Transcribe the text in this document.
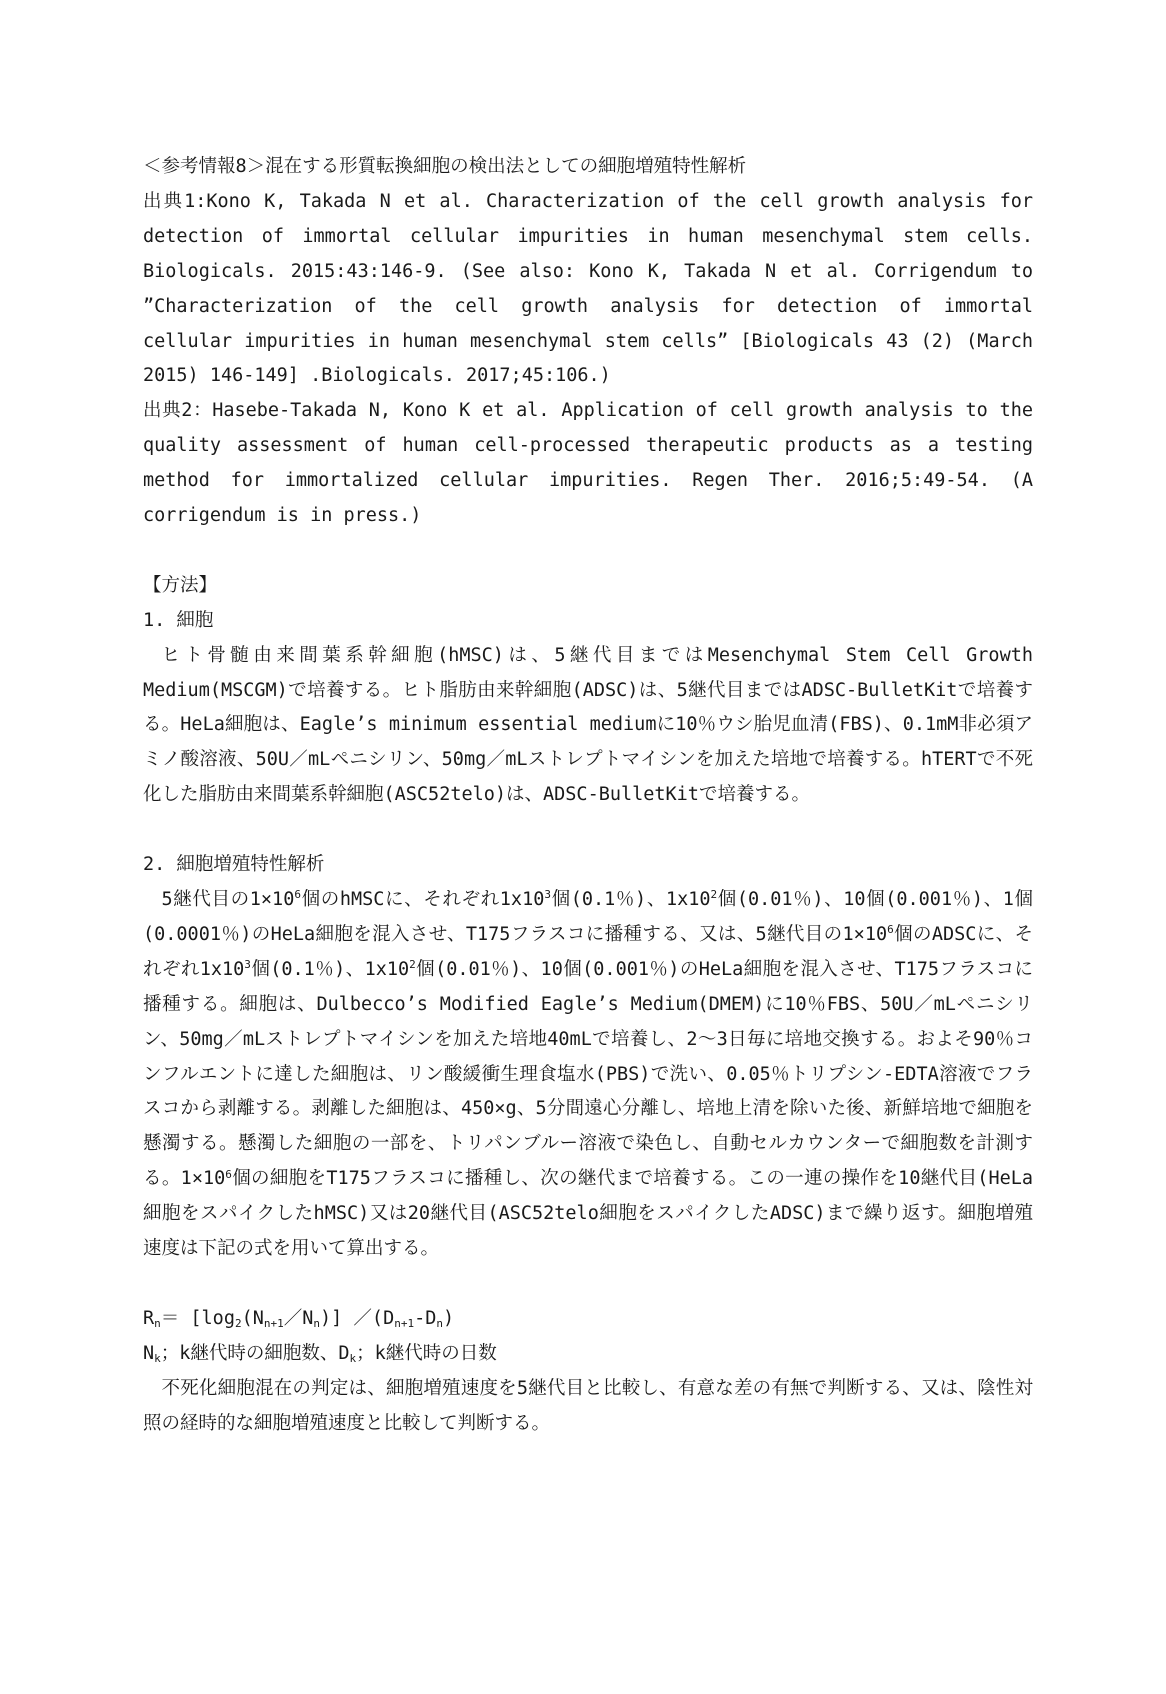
＜参考情報8＞混在する形質転換細胞の検出法としての細胞増殖特性解析
出典1:Kono K, Takada N et al. Characterization of the cell growth analysis for detection of immortal cellular impurities in human mesenchymal stem cells. Biologicals. 2015:43:146-9. (See also: Kono K, Takada N et al. Corrigendum to ”Characterization of the cell growth analysis for detection of immortal cellular impurities in human mesenchymal stem cells” [Biologicals 43 (2) (March 2015) 146-149] .Biologicals. 2017;45:106.)
出典2：Hasebe-Takada N, Kono K et al. Application of cell growth analysis to the quality assessment of human cell-processed therapeutic products as a testing method for immortalized cellular impurities. Regen Ther. 2016;5:49-54. (A corrigendum is in press.)
【方法】
1. 細胞
ヒト骨髄由来間葉系幹細胞(hMSC)は、5継代目まではMesenchymal Stem Cell Growth Medium(MSCGM)で培養する。ヒト脂肪由来幹細胞(ADSC)は、5継代目まではADSC-BulletKitで培養する。HeLa細胞は、Eagle’s minimum essential mediumに10％ウシ胎児血清(FBS)、0.1mM非必須アミノ酸溶液、50U／mLペニシリン、50mg／mLストレプトマイシンを加えた培地で培養する。hTERTで不死化した脂肪由来間葉系幹細胞(ASC52telo)は、ADSC-BulletKitで培養する。
2. 細胞増殖特性解析
5継代目の$1\times 10^6$個のhMSCに、それぞれ$1x10^3$個(0.1％)、$1x10^2$個(0.01％)、10個(0.001％)、1個(0.0001％)のHeLa細胞を混入させ、T175フラスコに播種する、又は、5継代目の$1\times 10^6$個のADSCに、それぞれ$1x10^3$個(0.1％)、$1x10^2$個(0.01％)、10個(0.001％)のHeLa細胞を混入させ、T175フラスコに播種する。細胞は、Dulbecco’s Modified Eagle’s Medium(DMEM)に10％FBS、50U／mLペニシリン、50mg／mLストレプトマイシンを加えた培地40mLで培養し、2～3日毎に培地交換する。およそ90％コンフルエントに達した細胞は、リン酸緩衝生理食塩水(PBS)で洗い、0.05％トリプシン-EDTA溶液でフラスコから剥離する。剥離した細胞は、450×g、5分間遠心分離し、培地上清を除いた後、新鮮培地で細胞を懸濁する。懸濁した細胞の一部を、トリパンブルー溶液で染色し、自動セルカウンターで細胞数を計測する。$1\times 10^6$個の細胞をT175フラスコに播種し、次の継代まで培養する。この一連の操作を10継代目(HeLa細胞をスパイクしたhMSC)又は20継代目(ASC52telo細胞をスパイクしたADSC)まで繰り返す。細胞増殖速度は下記の式を用いて算出する。
$R_n=$ $[\log_2(N_{n+1}/N_n)]$ $/(D_{n+1}-D_n)$
$N_k$；k継代時の細胞数、$D_k$；k継代時の日数
不死化細胞混在の判定は、細胞増殖速度を5継代目と比較し、有意な差の有無で判断する、又は、陰性対照の経時的な細胞増殖速度と比較して判断する。
